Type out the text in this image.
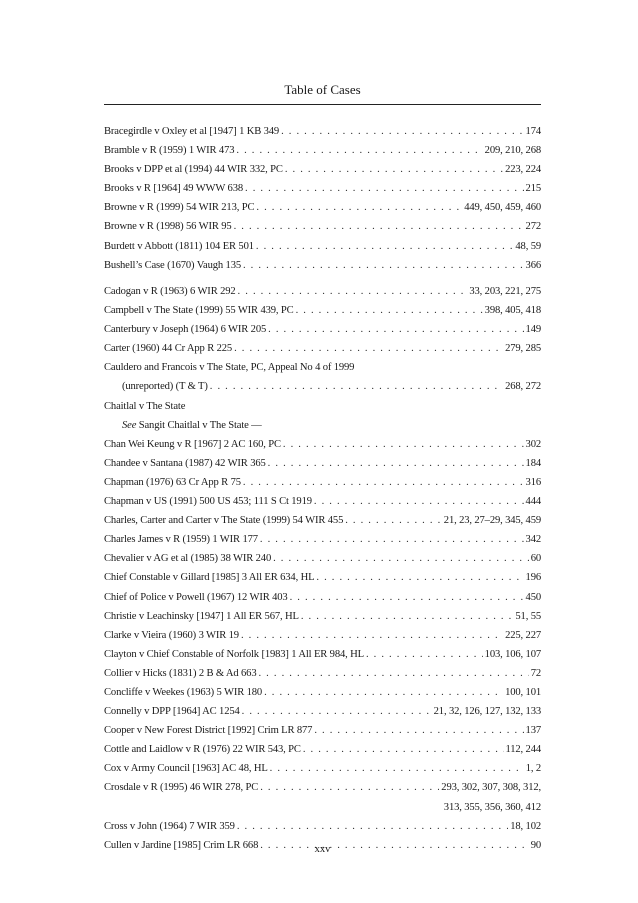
Table of Cases
Bracegirdle v Oxley et al [1947] 1 KB 349 . . .	174
Bramble v R (1959) 1 WIR 473 . . .	209, 210, 268
Brooks v DPP et al (1994) 44 WIR 332, PC . . .	223, 224
Brooks v R [1964] 49 WWW 638 . . .	215
Browne v R (1999) 54 WIR 213, PC . . .	449, 450, 459, 460
Browne v R (1998) 56 WIR 95 . . .	272
Burdett v Abbott (1811) 104 ER 501 . . .	48, 59
Bushell’s Case (1670) Vaugh 135 . . .	366
Cadogan v R (1963) 6 WIR 292 . . .	33, 203, 221, 275
Campbell v The State (1999) 55 WIR 439, PC . . .	398, 405, 418
Canterbury v Joseph (1964) 6 WIR 205 . . .	149
Carter (1960) 44 Cr App R 225 . . .	279, 285
Cauldero and Francois v The State, PC, Appeal No 4 of 1999
(unreported) (T & T) . . .	268, 272
Chaitlal v The State
See Sangit Chaitlal v The State —
Chan Wei Keung v R [1967] 2 AC 160, PC . . .	302
Chandee v Santana (1987) 42 WIR 365 . . .	184
Chapman (1976) 63 Cr App R 75 . . .	316
Chapman v US (1991) 500 US 453; 111 S Ct 1919 . . .	444
Charles, Carter and Carter v The State (1999) 54 WIR 455 . . .	21, 23, 27–29, 345, 459
Charles James v R (1959) 1 WIR 177 . . .	342
Chevalier v AG et al (1985) 38 WIR 240 . . .	60
Chief Constable v Gillard [1985] 3 All ER 634, HL . . .	196
Chief of Police v Powell (1967) 12 WIR 403 . . .	450
Christie v Leachinsky [1947] 1 All ER 567, HL . . .	51, 55
Clarke v Vieira (1960) 3 WIR 19 . . .	225, 227
Clayton v Chief Constable of Norfolk [1983] 1 All ER 984, HL . . .	103, 106, 107
Collier v Hicks (1831) 2 B & Ad 663 . . .	72
Concliffe v Weekes (1963) 5 WIR 180 . . .	100, 101
Connelly v DPP [1964] AC 1254 . . .	21, 32, 126, 127, 132, 133
Cooper v New Forest District [1992] Crim LR 877 . . .	137
Cottle and Laidlow v R (1976) 22 WIR 543, PC . . .	112, 244
Cox v Army Council [1963] AC 48, HL . . .	1, 2
Crosdale v R (1995) 46 WIR 278, PC . . .	293, 302, 307, 308, 312,
313, 355, 356, 360, 412
Cross v John (1964) 7 WIR 359 . . .	18, 102
Cullen v Jardine [1985] Crim LR 668 . . .	90
xxv
